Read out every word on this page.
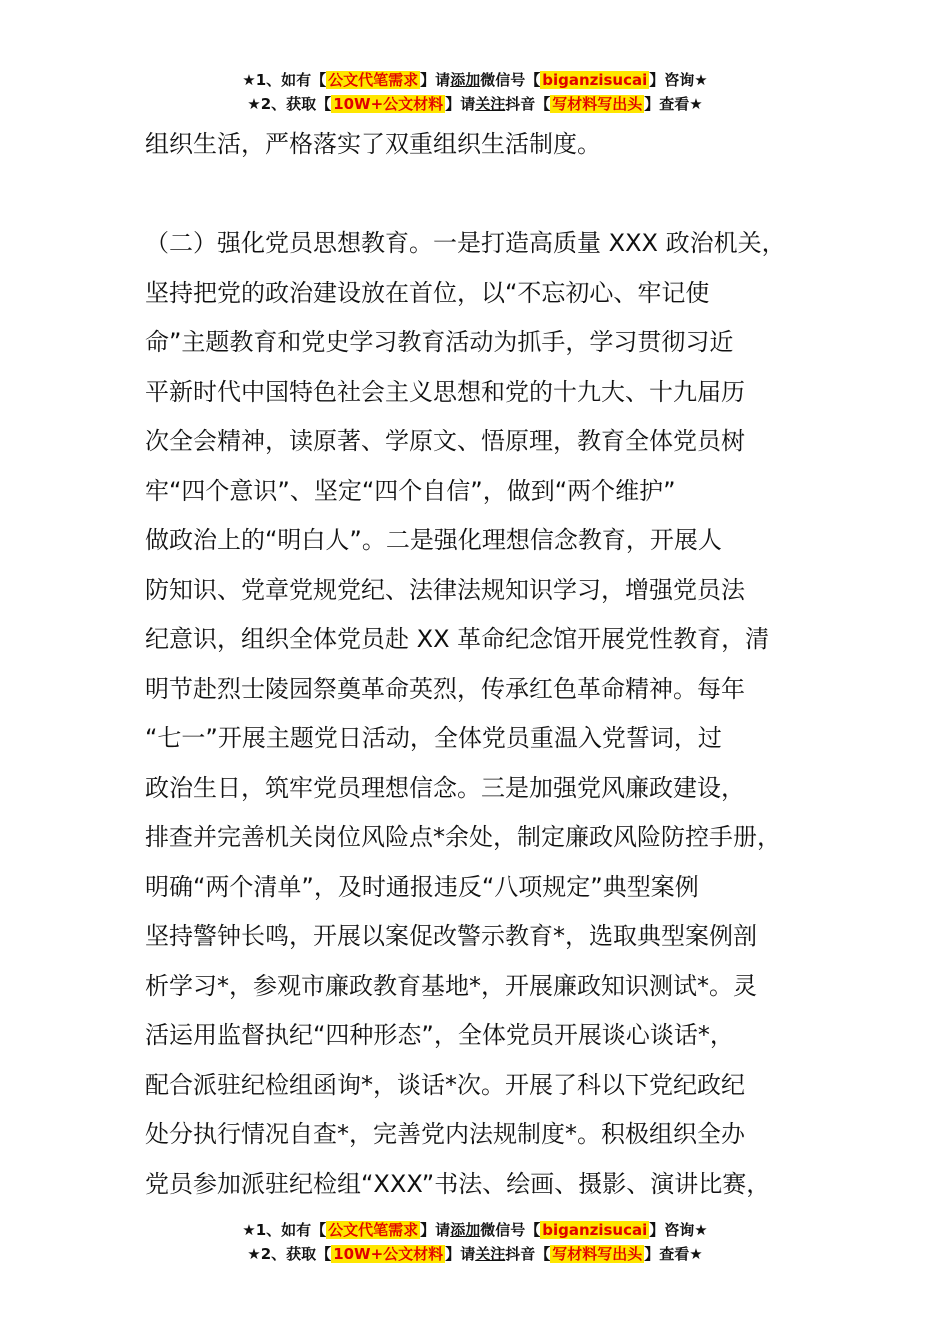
★1、如有【 公文代笔需求 】请添加微信号【 biganzisucai 】咨询★
★2、获取【 10W+公文材料 】请关注抖音【 写材料写出头 】查看★
组织生活，严格落实了双重组织生活制度。
（二）强化党员思想教育。一是打造高质量 XXX 政治机关，
坚持把党的政治建设放在首位，以“不忘初心、牢记使
命”主题教育和党史学习教育活动为抓手，学习贯彻习近
平新时代中国特色社会主义思想和党的十九大、十九届历
次全会精神，读原著、学原文、悟原理，教育全体党员树
牢“四个意识”、坚定“四个自信”，做到“两个维护”
做政治上的“明白人”。二是强化理想信念教育，开展人
防知识、党章党规党纪、法律法规知识学习，增强党员法
纪意识，组织全体党员赴 XX 革命纪念馆开展党性教育，清
明节赴烈士陵园祭奠革命英烈，传承红色革命精神。每年
“七一”开展主题党日活动，全体党员重温入党誓词，过
政治生日，筑牢党员理想信念。三是加强党风廉政建设，
排查并完善机关岗位风险点*余处，制定廉政风险防控手册，
明确“两个清单”，及时通报违反“八项规定”典型案例
坚持警钟长鸣，开展以案促改警示教育*，选取典型案例剖
析学习*，参观市廉政教育基地*，开展廉政知识测试*。灵
活运用监督执纪“四种形态”，全体党员开展谈心谈话*，
配合派驻纪检组函询*，谈话*次。开展了科以下党纪政纪
处分执行情况自查*，完善党内法规制度*。积极组织全办
党员参加派驻纪检组“XXX”书法、绘画、摄影、演讲比赛，
★1、如有【 公文代笔需求 】请添加微信号【 biganzisucai 】咨询★
★2、获取【 10W+公文材料 】请关注抖音【 写材料写出头 】查看★
